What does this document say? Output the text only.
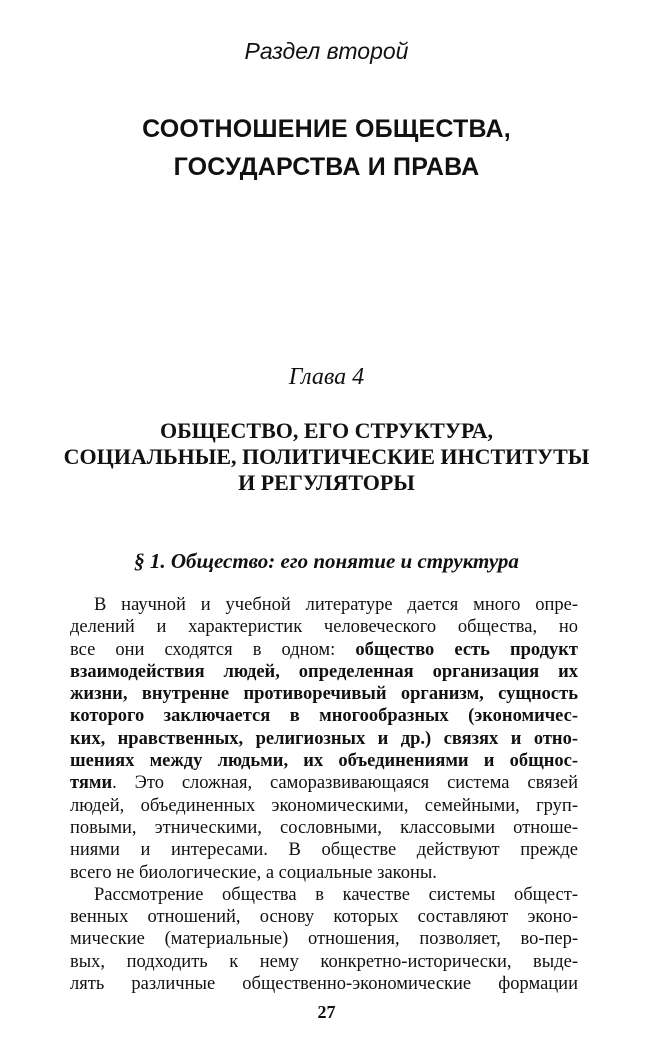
Раздел второй
СООТНОШЕНИЕ ОБЩЕСТВА,
ГОСУДАРСТВА И ПРАВА
Глава 4
ОБЩЕСТВО, ЕГО СТРУКТУРА,
СОЦИАЛЬНЫЕ, ПОЛИТИЧЕСКИЕ ИНСТИТУТЫ
И РЕГУЛЯТОРЫ
§ 1. Общество: его понятие и структура
В научной и учебной литературе дается много опре-
делений и характеристик человеческого общества, но
все они сходятся в одном: общество есть продукт
взаимодействия людей, определенная организация их
жизни, внутренне противоречивый организм, сущность
которого заключается в многообразных (экономичес-
ких, нравственных, религиозных и др.) связях и отно-
шениях между людьми, их объединениями и общнос-
тями. Это сложная, саморазвивающаяся система связей
людей, объединенных экономическими, семейными, груп-
повыми, этническими, сословными, классовыми отноше-
ниями и интересами. В обществе действуют прежде
всего не биологические, а социальные законы.
Рассмотрение общества в качестве системы общест-
венных отношений, основу которых составляют эконо-
мические (материальные) отношения, позволяет, во-пер-
вых, подходить к нему конкретно-исторически, выде-
лять различные общественно-экономические формации
27
